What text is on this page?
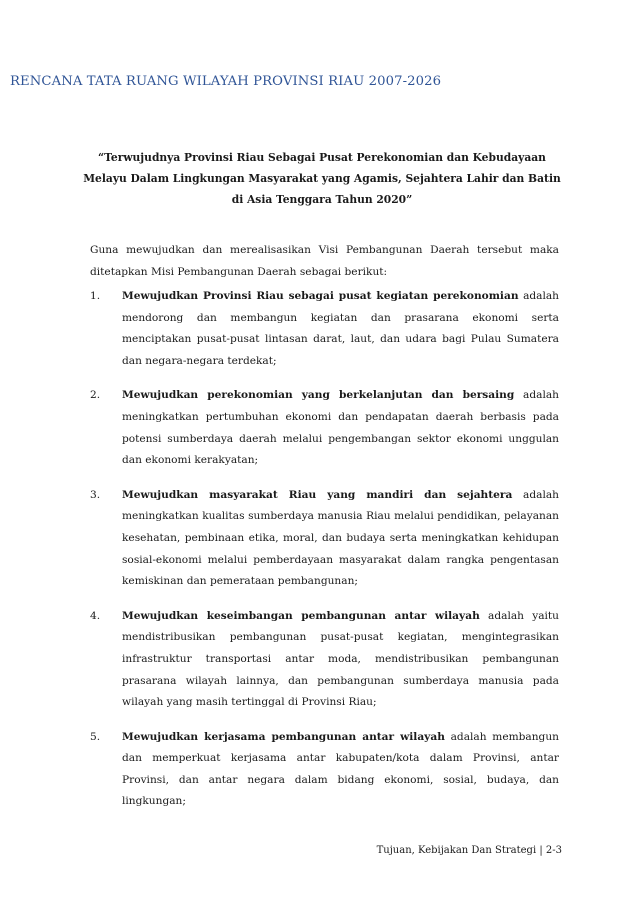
RENCANA TATA RUANG WILAYAH PROVINSI RIAU 2007-2026
“Terwujudnya Provinsi Riau Sebagai Pusat Perekonomian dan Kebudayaan Melayu Dalam Lingkungan Masyarakat yang Agamis, Sejahtera Lahir dan Batin di Asia Tenggara Tahun 2020”
Guna mewujudkan dan merealisasikan Visi Pembangunan Daerah tersebut maka ditetapkan Misi Pembangunan Daerah sebagai berikut:
1. Mewujudkan Provinsi Riau sebagai pusat kegiatan perekonomian adalah mendorong dan membangun kegiatan dan prasarana ekonomi serta menciptakan pusat-pusat lintasan darat, laut, dan udara bagi Pulau Sumatera dan negara-negara terdekat;
2. Mewujudkan perekonomian yang berkelanjutan dan bersaing adalah meningkatkan pertumbuhan ekonomi dan pendapatan daerah berbasis pada potensi sumberdaya daerah melalui pengembangan sektor ekonomi unggulan dan ekonomi kerakyatan;
3. Mewujudkan masyarakat Riau yang mandiri dan sejahtera adalah meningkatkan kualitas sumberdaya manusia Riau melalui pendidikan, pelayanan kesehatan, pembinaan etika, moral, dan budaya serta meningkatkan kehidupan sosial-ekonomi melalui pemberdayaan masyarakat dalam rangka pengentasan kemiskinan dan pemerataan pembangunan;
4. Mewujudkan keseimbangan pembangunan antar wilayah adalah yaitu mendistribusikan pembangunan pusat-pusat kegiatan, mengintegrasikan infrastruktur transportasi antar moda, mendistribusikan pembangunan prasarana wilayah lainnya, dan pembangunan sumberdaya manusia pada wilayah yang masih tertinggal di Provinsi Riau;
5. Mewujudkan kerjasama pembangunan antar wilayah adalah membangun dan memperkuat kerjasama antar kabupaten/kota dalam Provinsi, antar Provinsi, dan antar negara dalam bidang ekonomi, sosial, budaya, dan lingkungan;
Tujuan, Kebijakan Dan Strategi | 2-3
